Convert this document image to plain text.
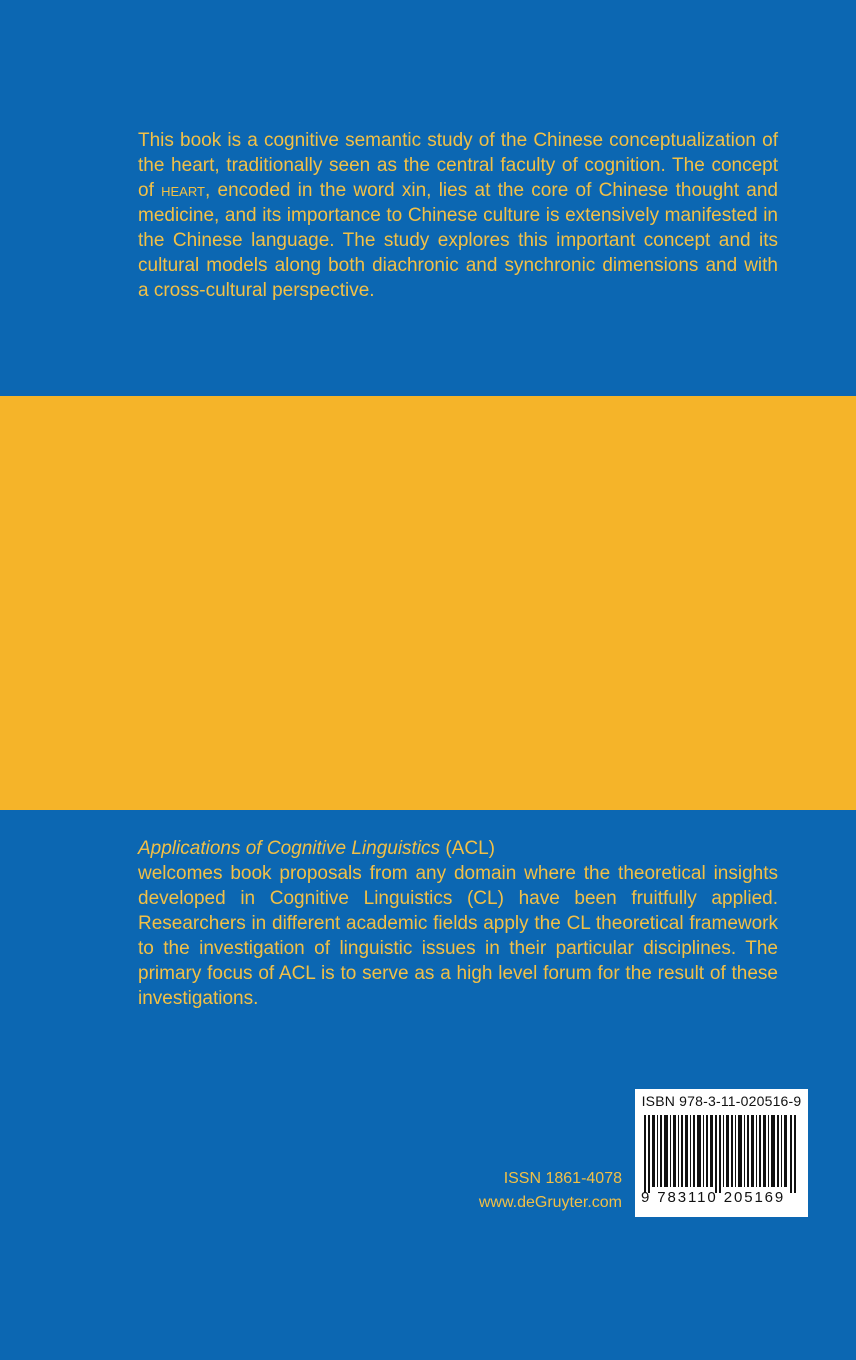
This book is a cognitive semantic study of the Chinese conceptualization of the heart, traditionally seen as the central faculty of cognition. The concept of heart, encoded in the word xin, lies at the core of Chinese thought and medicine, and its importance to Chinese culture is extensively manifested in the Chinese language. The study explores this important concept and its cultural models along both diachronic and synchronic dimensions and with a cross-cultural perspective.

Applications of Cognitive Linguistics (ACL)

welcomes book proposals from any domain where the theoretical insights developed in Cognitive Linguistics (CL) have been fruitfully applied. Researchers in different academic fields apply the CL theoretical framework to the investigation of linguistic issues in their particular disciplines. The primary focus of ACL is to serve as a high level forum for the result of these investigations.

ISSN 1861-4078
www.deGruyter.com
ISBN 978-3-11-020516-9
9 783110 205169
